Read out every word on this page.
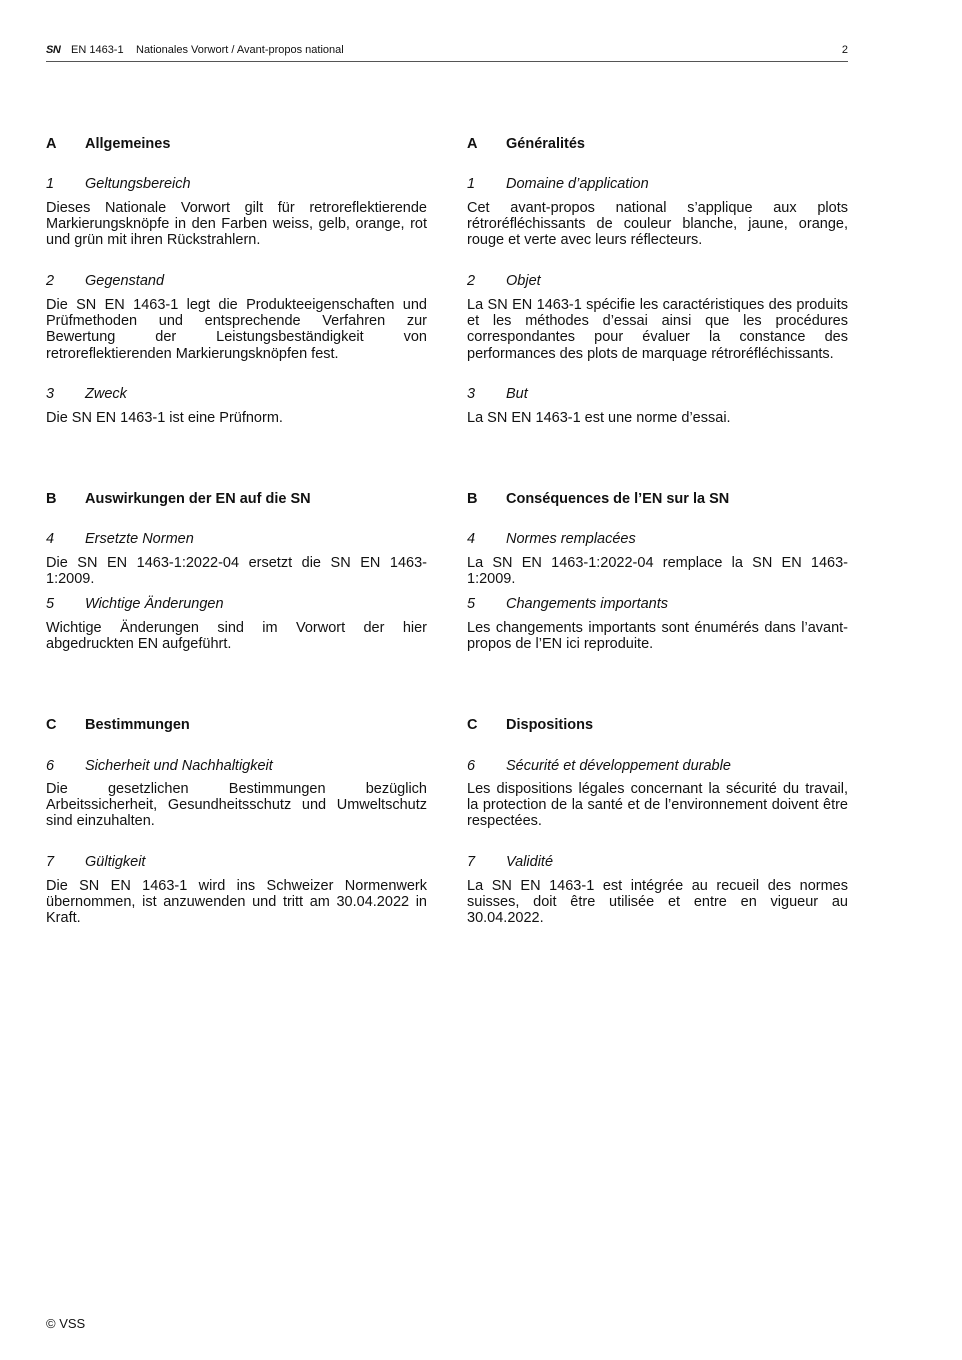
SN EN 1463-1 Nationales Vorwort / Avant-propos national	2
A Allgemeines
1 Geltungsbereich

Dieses Nationale Vorwort gilt für retroreflektierende Markierungsknöpfe in den Farben weiss, gelb, orange, rot und grün mit ihren Rückstrahlern.

2 Gegenstand

Die SN EN 1463-1 legt die Produkteeigenschaften und Prüfmethoden und entsprechende Verfahren zur Bewertung der Leistungsbeständigkeit von retroreflektierenden Markierungsknöpfen fest.

3 Zweck

Die SN EN 1463-1 ist eine Prüfnorm.

B Auswirkungen der EN auf die SN
4 Ersetzte Normen

Die SN EN 1463-1:2022-04 ersetzt die SN EN 1463-1:2009.

5 Wichtige Änderungen

Wichtige Änderungen sind im Vorwort der hier abgedruckten EN aufgeführt.

C Bestimmungen
6 Sicherheit und Nachhaltigkeit

Die gesetzlichen Bestimmungen bezüglich Arbeitssicherheit, Gesundheitsschutz und Umweltschutz sind einzuhalten.

7 Gültigkeit

Die SN EN 1463-1 wird ins Schweizer Normenwerk übernommen, ist anzuwenden und tritt am 30.04.2022 in Kraft.

A Généralités
1 Domaine d’application

Cet avant-propos national s’applique aux plots rétroréfléchissants de couleur blanche, jaune, orange, rouge et verte avec leurs réflecteurs.

2 Objet

La SN EN 1463-1 spécifie les caractéristiques des produits et les méthodes d’essai ainsi que les procédures correspondantes pour évaluer la constance des performances des plots de marquage rétroréfléchissants.

3 But

La SN EN 1463-1 est une norme d’essai.

B Conséquences de l’EN sur la SN
4 Normes remplacées

La SN EN 1463-1:2022-04 remplace la SN EN 1463-1:2009.

5 Changements importants

Les changements importants sont énumérés dans l’avant-propos de l’EN ici reproduite.

C Dispositions
6 Sécurité et développement durable

Les dispositions légales concernant la sécurité du travail, la protection de la santé et de l’environnement doivent être respectées.

7 Validité

La SN EN 1463-1 est intégrée au recueil des normes suisses, doit être utilisée et entre en vigueur au 30.04.2022.

© VSS
